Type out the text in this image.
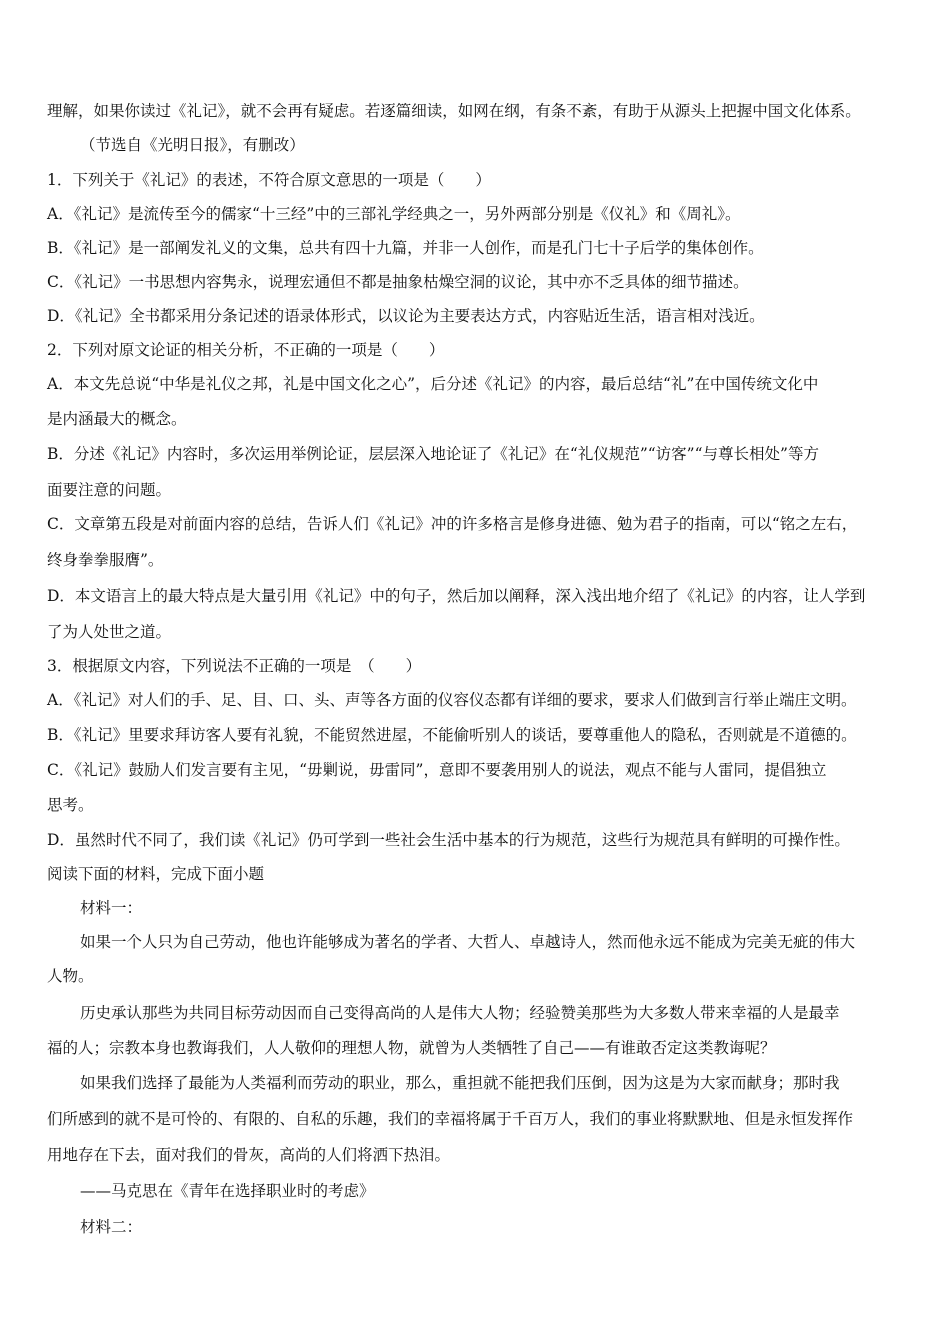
理解，如果你读过《礼记》，就不会再有疑虑。若逐篇细读，如网在纲，有条不紊，有助于从源头上把握中国文化体系。
（节选自《光明日报》，有删改）
1．下列关于《礼记》的表述，不符合原文意思的一项是（　　）
A．《礼记》是流传至今的儒家“十三经”中的三部礼学经典之一，另外两部分别是《仪礼》和《周礼》。
B．《礼记》是一部阐发礼义的文集，总共有四十九篇，并非一人创作，而是孔门七十子后学的集体创作。
C．《礼记》一书思想内容隽永，说理宏通但不都是抽象枯燥空洞的议论，其中亦不乏具体的细节描述。
D．《礼记》全书都采用分条记述的语录体形式，以议论为主要表达方式，内容贴近生活，语言相对浅近。
2．下列对原文论证的相关分析，不正确的一项是（　　）
A．本文先总说“中华是礼仪之邦，礼是中国文化之心”，后分述《礼记》的内容，最后总结“礼”在中国传统文化中
是内涵最大的概念。
B．分述《礼记》内容时，多次运用举例论证，层层深入地论证了《礼记》在“礼仪规范”“访客”“与尊长相处”等方
面要注意的问题。
C．文章第五段是对前面内容的总结，告诉人们《礼记》冲的许多格言是修身进德、勉为君子的指南，可以“铭之左右，
终身拳拳服膺”。
D．本文语言上的最大特点是大量引用《礼记》中的句子，然后加以阐释，深入浅出地介绍了《礼记》的内容，让人学到
了为人处世之道。
3．根据原文内容，下列说法不正确的一项是　（　　）
A．《礼记》对人们的手、足、目、口、头、声等各方面的仪容仪态都有详细的要求，要求人们做到言行举止端庄文明。
B．《礼记》里要求拜访客人要有礼貌，不能贸然进屋，不能偷听别人的谈话，要尊重他人的隐私，否则就是不道德的。
C．《礼记》鼓励人们发言要有主见，“毋剿说，毋雷同”，意即不要袭用别人的说法，观点不能与人雷同，提倡独立
思考。
D．虽然时代不同了，我们读《礼记》仍可学到一些社会生活中基本的行为规范，这些行为规范具有鲜明的可操作性。
阅读下面的材料，完成下面小题
材料一：
如果一个人只为自己劳动，他也许能够成为著名的学者、大哲人、卓越诗人，然而他永远不能成为完美无疵的伟大
人物。
历史承认那些为共同目标劳动因而自己变得高尚的人是伟大人物；经验赞美那些为大多数人带来幸福的人是最幸
福的人；宗教本身也教诲我们，人人敬仰的理想人物，就曾为人类牺牲了自己——有谁敢否定这类教诲呢？
如果我们选择了最能为人类福利而劳动的职业，那么，重担就不能把我们压倒，因为这是为大家而献身；那时我
们所感到的就不是可怜的、有限的、自私的乐趣，我们的幸福将属于千百万人，我们的事业将默默地、但是永恒发挥作
用地存在下去，面对我们的骨灰，高尚的人们将洒下热泪。
——马克思在《青年在选择职业时的考虑》
材料二：
